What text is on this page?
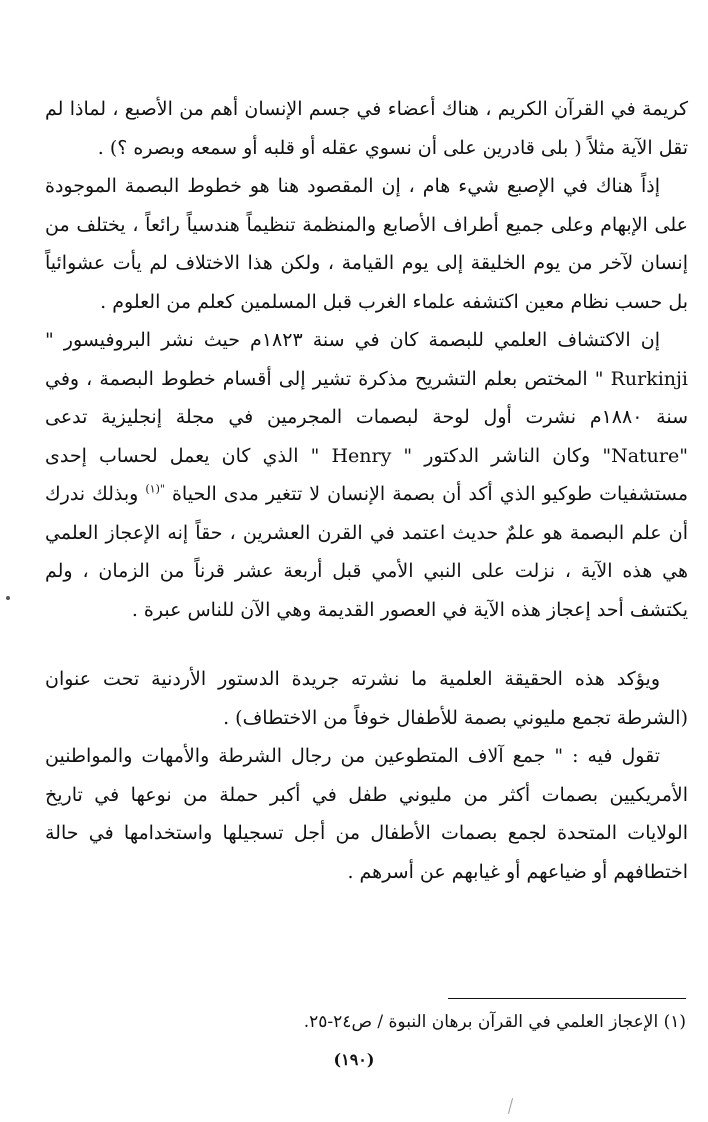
كريمة في القرآن الكريم ، هناك أعضاء في جسم الإنسان أهم من الأصبع ، لماذا لم تقل الآية مثلاً ( بلى قادرين على أن نسوي عقله أو قلبه أو سمعه وبصره ؟) .

إذاً هناك في الإصبع شيء هام ، إن المقصود هنا هو خطوط البصمة الموجودة على الإبهام وعلى جميع أطراف الأصابع والمنظمة تنظيماً هندسياً رائعاً ، يختلف من إنسان لآخر من يوم الخليقة إلى يوم القيامة ، ولكن هذا الاختلاف لم يأت عشوائياً بل حسب نظام معين اكتشفه علماء الغرب قبل المسلمين كعلم من العلوم .

إن الاكتشاف العلمي للبصمة كان في سنة ١٨٢٣م حيث نشر البروفيسور " Rurkinji " المختص بعلم التشريح مذكرة تشير إلى أقسام خطوط البصمة ، وفي سنة ١٨٨٠م نشرت أول لوحة لبصمات المجرمين في مجلة إنجليزية تدعى "Nature" وكان الناشر الدكتور " Henry " الذي كان يعمل لحساب إحدى مستشفيات طوكيو الذي أكد أن بصمة الإنسان لا تتغير مدى الحياة $^{"(١)}$ وبذلك ندرك أن علم البصمة هو علمٌ حديث اعتمد في القرن العشرين ، حقاً إنه الإعجاز العلمي هي هذه الآية ، نزلت على النبي الأمي قبل أربعة عشر قرناً من الزمان ، ولم يكتشف أحد إعجاز هذه الآية في العصور القديمة وهي الآن للناس عبرة .

ويؤكد هذه الحقيقة العلمية ما نشرته جريدة الدستور الأردنية تحت عنوان (الشرطة تجمع مليوني بصمة للأطفال خوفاً من الاختطاف) .

تقول فيه : " جمع آلاف المتطوعين من رجال الشرطة والأمهات والمواطنين الأمريكيين بصمات أكثر من مليوني طفل في أكبر حملة من نوعها في تاريخ الولايات المتحدة لجمع بصمات الأطفال من أجل تسجيلها واستخدامها في حالة اختطافهم أو ضياعهم أو غيابهم عن أسرهم .

(١) الإعجاز العلمي في القرآن برهان النبوة / ص٢٤-٢٥.
(١٩٠)
